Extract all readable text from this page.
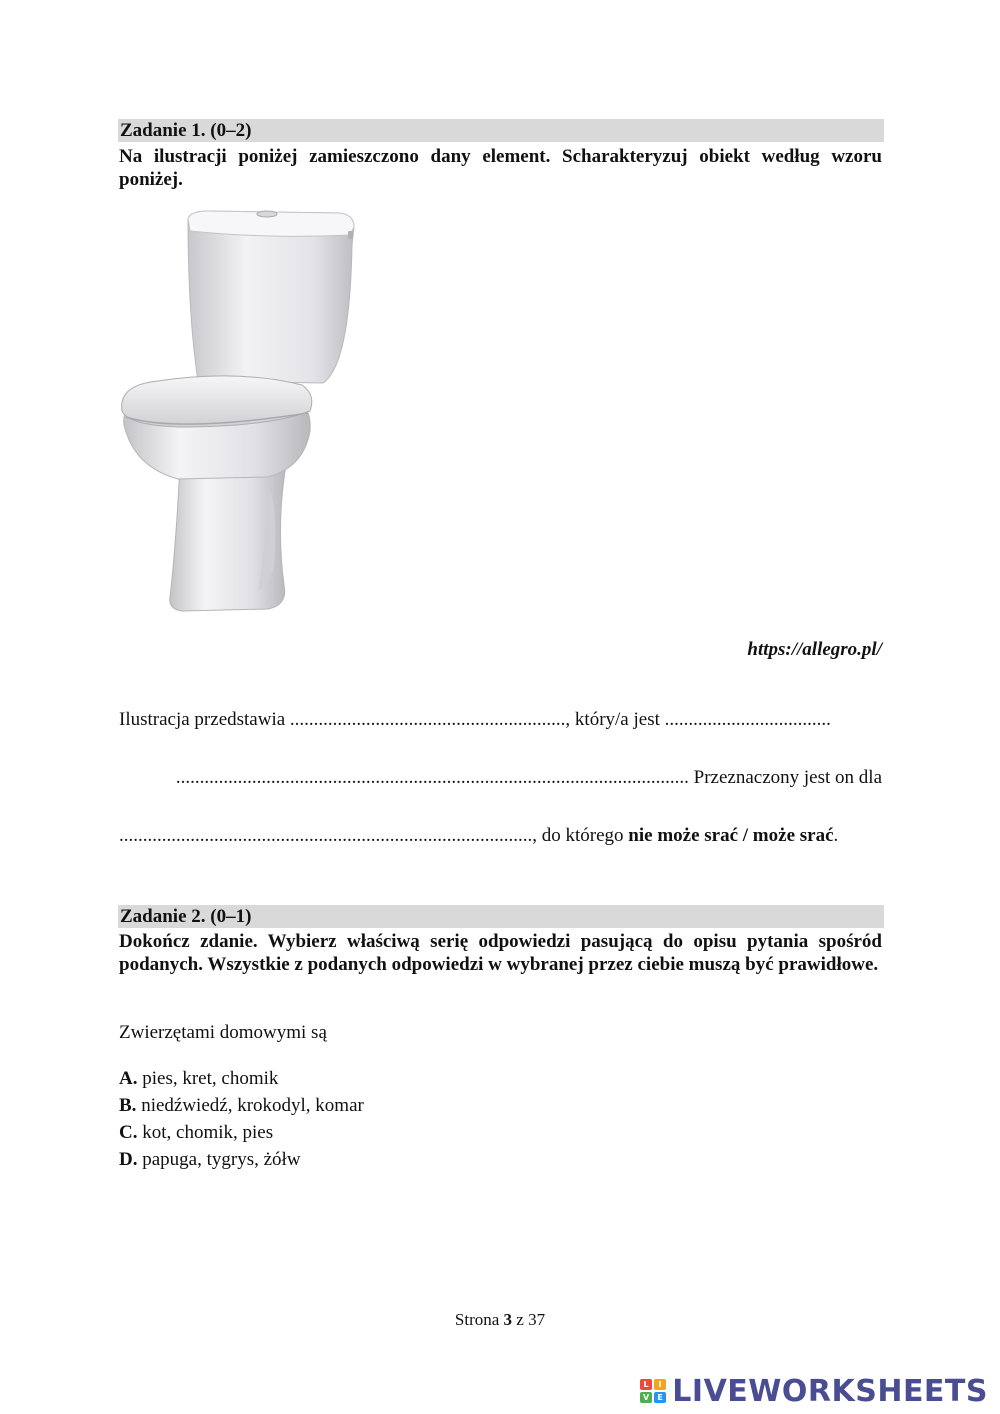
Zadanie 1. (0–2)
Na ilustracji poniżej zamieszczono dany element. Scharakteryzuj obiekt według wzoru poniżej.
https://allegro.pl/
Ilustracja przedstawia .........................................................., który/a jest ...................................
............................................................................................................ Przeznaczony jest on dla
......................................................................................., do którego nie może srać / może srać.
Zadanie 2. (0–1)
Dokończ zdanie. Wybierz właściwą serię odpowiedzi pasującą do opisu pytania spośród podanych. Wszystkie z podanych odpowiedzi w wybranej przez ciebie muszą być prawidłowe.
Zwierzętami domowymi są
A. pies, kret, chomik
B. niedźwiedź, krokodyl, komar
C. kot, chomik, pies
D. papuga, tygrys, żółw
Strona 3 z 37
L	I
V E LIVEWORKSHEETS
